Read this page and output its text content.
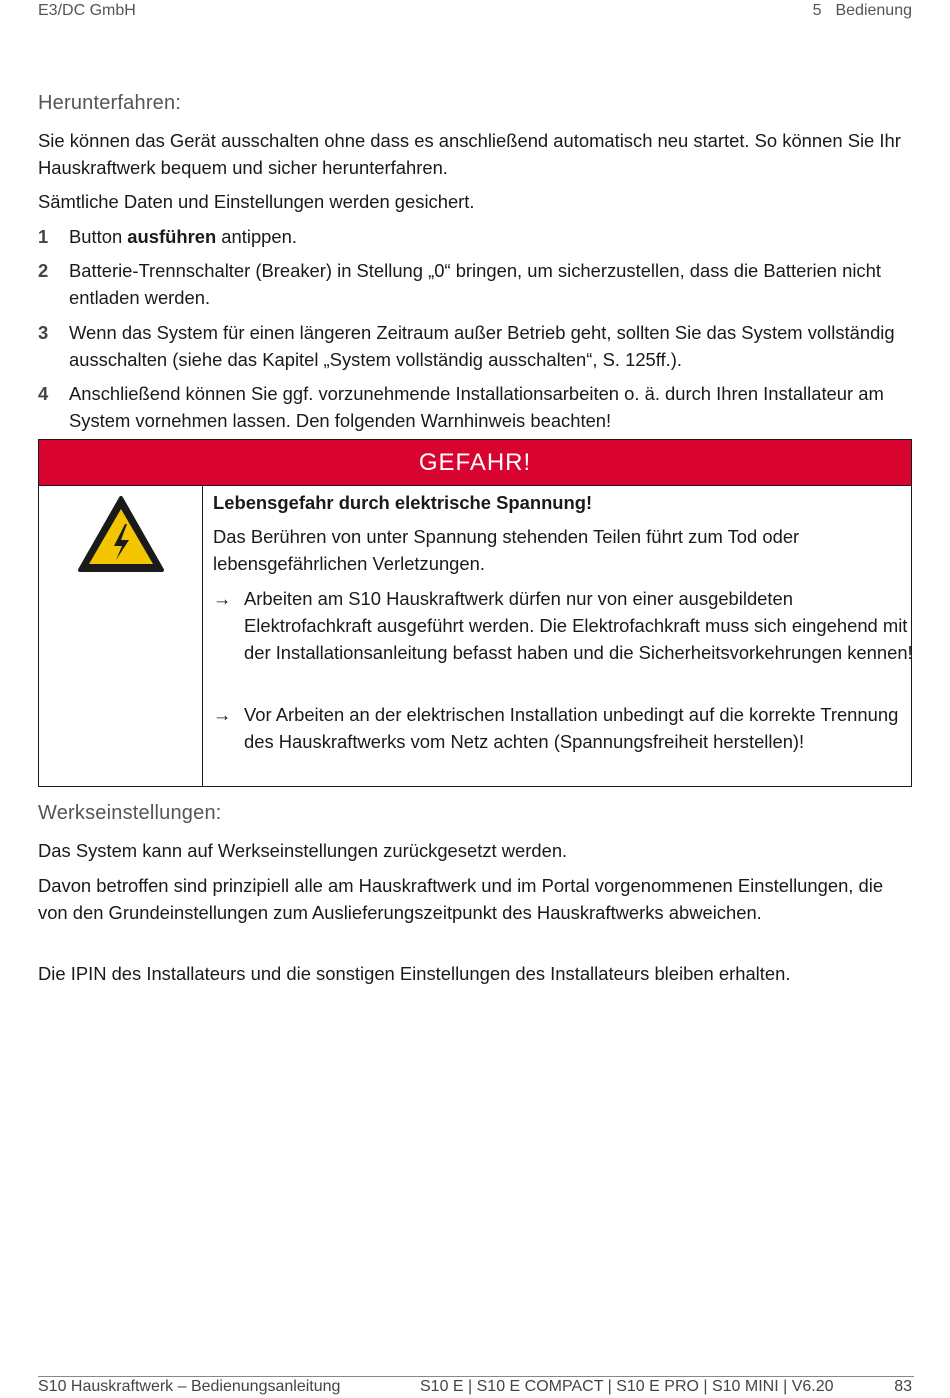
E3/DC GmbH	5 Bedienung
Herunterfahren:
Sie können das Gerät ausschalten ohne dass es anschließend automatisch neu startet. So können Sie Ihr Hauskraftwerk bequem und sicher herunterfahren.
Sämtliche Daten und Einstellungen werden gesichert.
1	Button ausführen antippen.
2	Batterie-Trennschalter (Breaker) in Stellung „0“ bringen, um sicherzustellen, dass die Batterien nicht entladen werden.
3	Wenn das System für einen längeren Zeitraum außer Betrieb geht, sollten Sie das System vollständig ausschalten (siehe das Kapitel „System vollständig ausschalten“, S. 125ff.).
4	Anschließend können Sie ggf. vorzunehmende Installationsarbeiten o. ä. durch Ihren Installateur am System vornehmen lassen. Den folgenden Warnhinweis beachten!
GEFAHR!
Lebensgefahr durch elektrische Spannung!
Das Berühren von unter Spannung stehenden Teilen führt zum Tod oder lebensgefährlichen Verletzungen.
→ Arbeiten am S10 Hauskraftwerk dürfen nur von einer ausgebildeten Elektrofachkraft ausgeführt werden. Die Elektrofachkraft muss sich eingehend mit der Installationsanleitung befasst haben und die Sicherheitsvorkehrungen kennen!
→ Vor Arbeiten an der elektrischen Installation unbedingt auf die korrekte Trennung des Hauskraftwerks vom Netz achten (Spannungsfreiheit herstellen)!
Werkseinstellungen:
Das System kann auf Werkseinstellungen zurückgesetzt werden.
Davon betroffen sind prinzipiell alle am Hauskraftwerk und im Portal vorgenommenen Einstellungen, die von den Grundeinstellungen zum Auslieferungszeitpunkt des Hauskraftwerks abweichen.
Die IPIN des Installateurs und die sonstigen Einstellungen des Installateurs bleiben erhalten.
S10 Hauskraftwerk – Bedienungsanleitung	S10 E | S10 E COMPACT | S10 E PRO | S10 MINI | V6.20	83
